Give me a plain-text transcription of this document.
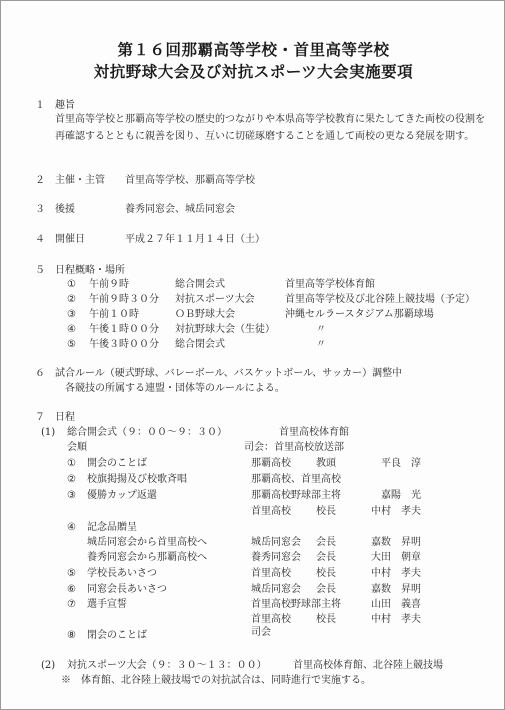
第１６回那覇高等学校・首里高等学校
対抗野球大会及び対抗スポーツ大会実施要項
１ 趣旨
首里高等学校と那覇高等学校の歴史的つながりや本県高等学校教育に果たしてきた両校の役割を再確認するとともに親善を図り、互いに切磋琢磨することを通して両校の更なる発展を期す。
２ 主催・主管 首里高等学校、那覇高等学校
３ 後援	養秀同窓会、城岳同窓会
４ 開催日	平成２７年１１月１４日（土）
５ 日程概略・場所
① 午前９時	総合開会式	首里高等学校体育館
② 午前９時３０分 対抗スポーツ大会	首里高等学校及び北谷陸上競技場（予定）
③ 午前１０時	ＯＢ野球大会	沖縄セルラースタジアム那覇球場
④ 午後１時００分 対抗野球大会（生徒）	〃
⑤ 午後３時００分 総合閉会式	〃
６ 試合ルール（硬式野球、バレーボール、バスケットボール、サッカー）調整中
各競技の所属する連盟・団体等のルールによる。
７ 日程
(1) 総合開会式（９：００～９：３０）	首里高校体育館
会順	司会：首里高校放送部
① 開会のことば	那覇高校	教頭	平良　淳
② 校旗掲揚及び校歌斉唱	那覇高校、首里高校
③ 優勝カップ返還	那覇高校野球部主将	嘉陽　光
首里高校	校長	中村　孝夫
④ 記念品贈呈
城岳同窓会から首里高校へ	城岳同窓会 会長	嘉数　昇明
養秀同窓会から那覇高校へ	養秀同窓会 会長	大田　朝章
⑤ 学校長あいさつ	首里高校	校長	中村　孝夫
⑥ 同窓会長あいさつ	城岳同窓会 会長	嘉数　昇明
⑦ 選手宣誓	首里高校野球部主将	山田　義喜
首里高校	校長	中村　孝夫
司会
⑧ 閉会のことば
(2) 対抗スポーツ大会（９：３０～１３：００）	首里高校体育館、北谷陸上競技場
※　体育館、北谷陸上競技場での対抗試合は、同時進行で実施する。
